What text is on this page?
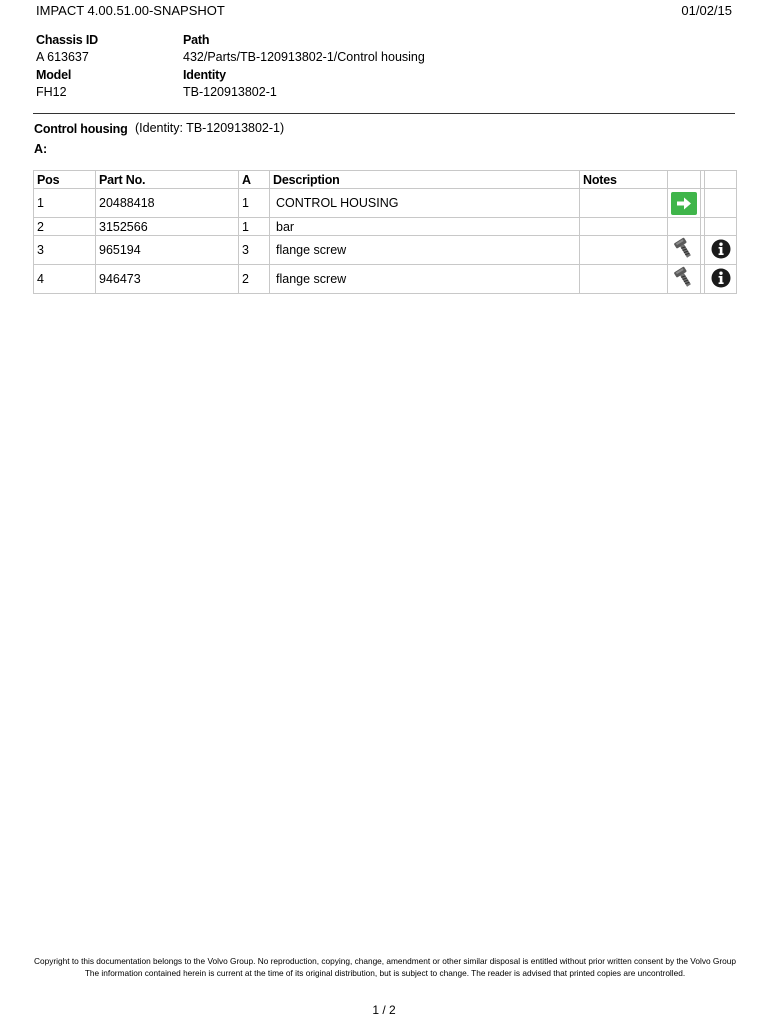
IMPACT 4.00.51.00-SNAPSHOT	01/02/15
Chassis ID
A 613637
Model
FH12
Path
432/Parts/TB-120913802-1/Control housing
Identity
TB-120913802-1
Control housing (Identity: TB-120913802-1)
A:
Pos	Part No.	A	Description	Notes			
1	20488418	1	CONTROL HOUSING				
2	3152566	1	bar				
3	965194	3	flange screw				
4	946473	2	flange screw				
Copyright to this documentation belongs to the Volvo Group. No reproduction, copying, change, amendment or other similar disposal is entitled without prior written consent by the Volvo Group
The information contained herein is current at the time of its original distribution, but is subject to change. The reader is advised that printed copies are uncontrolled.
1 / 2
